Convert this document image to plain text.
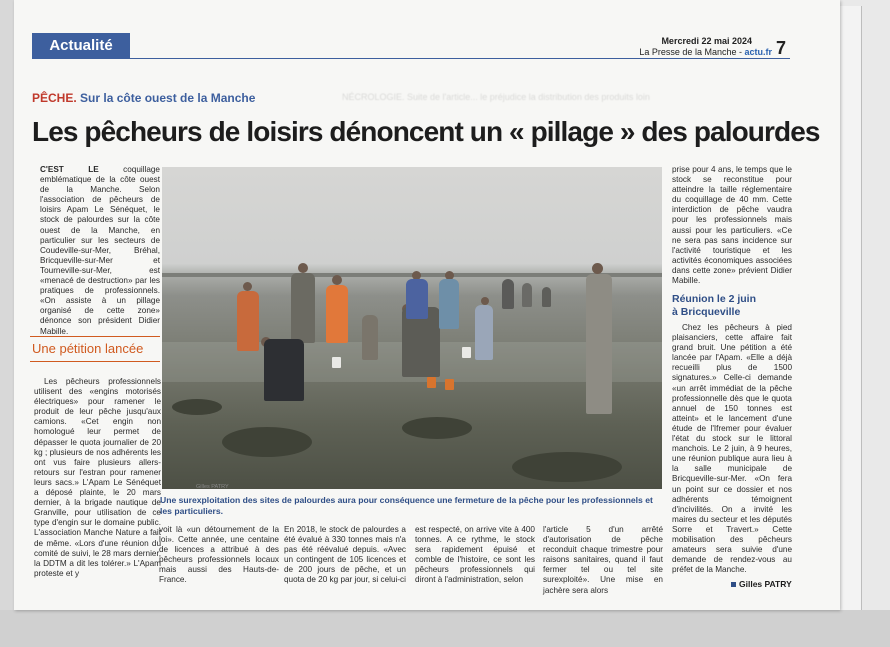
Actualité	Mercredi 22 mai 2024
La Presse de la Manche - actu.fr 7
NÉCROLOGIE. Suite de l'article... le préjudice la distribution des produits loin
PÊCHE. Sur la côte ouest de la Manche
Les pêcheurs de loisirs dénoncent un « pillage » des palourdes

C'EST LE coquillage emblématique de la côte ouest de la Manche. Selon l'association de pêcheurs de loisirs Apam Le Sénéquet, le stock de palourdes sur la côte ouest de la Manche, en particulier sur les secteurs de Coudeville-sur-Mer, Bréhal, Bricqueville-sur-Mer et Tourneville-sur-Mer, est «menacé de destruction» par les pratiques de professionnels. «On assiste à un pillage organisé de cette zone» dénonce son président Didier Mabille.

Une pétition lancée

Les pêcheurs professionnels utilisent des «engins motorisés électriques» pour ramener le produit de leur pêche jusqu'aux camions. «Cet engin non homologué leur permet de dépasser le quota journalier de 20 kg ; plusieurs de nos adhérents les ont vus faire plusieurs allers-retours sur l'estran pour ramener leurs sacs.» L'Apam Le Sénéquet a déposé plainte, le 20 mars dernier, à la brigade nautique de Granville, pour utilisation de ce type d'engin sur le domaine public. L'association Manche Nature a fait de même. «Lors d'une réunion du comité de suivi, le 28 mars dernier, la DDTM a dit les tolérer.» L'Apam proteste et y

Gilles PATRY
Une surexploitation des sites de palourdes aura pour conséquence une fermeture de la pêche pour les professionnels et les particuliers.

voit là «un détournement de la loi». Cette année, une centaine de licences a attribué à des pêcheurs professionnels locaux mais aussi des Hauts-de-France.

En 2018, le stock de palourdes a été évalué à 330 tonnes mais n'a pas été réévalué depuis. «Avec un contingent de 105 licences et de 200 jours de pêche, et un quota de 20 kg par jour, si celui-ci

est respecté, on arrive vite à 400 tonnes. A ce rythme, le stock sera rapidement épuisé et comble de l'histoire, ce sont les pêcheurs professionnels qui diront à l'administration, selon

l'article 5 d'un arrêté d'autorisation de pêche reconduit chaque trimestre pour raisons sanitaires, quand il faut fermer tel ou tel site surexploité». Une mise en jachère sera alors

prise pour 4 ans, le temps que le stock se reconstitue pour atteindre la taille réglementaire du coquillage de 40 mm. Cette interdiction de pêche vaudra pour les professionnels mais aussi pour les particuliers. «Ce ne sera pas sans incidence sur l'activité touristique et les activités économiques associées dans cette zone» prévient Didier Mabille.

Réunion le 2 juin
à Bricqueville

Chez les pêcheurs à pied plaisanciers, cette affaire fait grand bruit. Une pétition a été lancée par l'Apam. «Elle a déjà recueilli plus de 1500 signatures.» Celle-ci demande «un arrêt immédiat de la pêche professionnelle dès que le quota annuel de 150 tonnes est atteint» et le lancement d'une étude de l'Ifremer pour évaluer l'état du stock sur le littoral manchois. Le 2 juin, à 9 heures, une réunion publique aura lieu à la salle municipale de Bricqueville-sur-Mer. «On fera un point sur ce dossier et nos adhérents témoignent d'incivilités. On a invité les maires du secteur et les députés Sorre et Travert.» Cette mobilisation des pêcheurs amateurs sera suivie d'une demande de rendez-vous au préfet de la Manche.

Gilles PATRY
